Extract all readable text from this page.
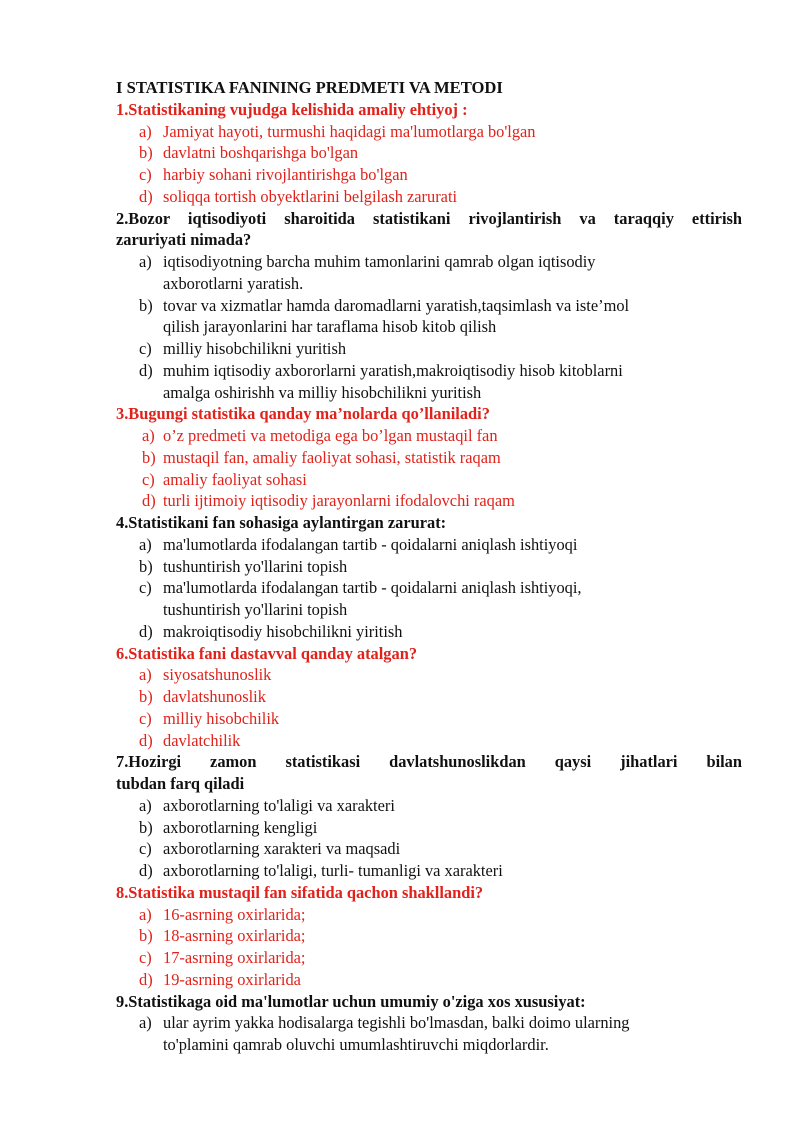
I STATISTIKA FANINING PREDMETI VA METODI
1.Statistikaning vujudga kelishida amaliy ehtiyoj :
a) Jamiyat hayoti, turmushi haqidagi ma'lumotlarga bo'lgan
b) davlatni boshqarishga bo'lgan
c) harbiy sohani rivojlantirishga bo'lgan
d) soliqqa tortish obyektlarini belgilash zarurati
2.Bozor iqtisodiyoti sharoitida statistikani rivojlantirish va taraqqiy ettirish
zaruriyati nimada?
a) iqtisodiyotning barcha muhim tamonlarini qamrab olgan iqtisodiy
axborotlarni yaratish.
b) tovar va xizmatlar hamda daromadlarni yaratish,taqsimlash va iste’mol
qilish jarayonlarini har taraflama hisob kitob qilish
c) milliy hisobchilikni yuritish
d) muhim iqtisodiy axbororlarni yaratish,makroiqtisodiy hisob kitoblarni
amalga oshirishh va milliy hisobchilikni yuritish
3.Bugungi statistika qanday ma’nolarda qo’llaniladi?
a) o’z predmeti va metodiga ega bo’lgan mustaqil fan
b) mustaqil fan, amaliy faoliyat sohasi, statistik raqam
c) amaliy faoliyat sohasi
d) turli ijtimoiy iqtisodiy jarayonlarni ifodalovchi raqam
4.Statistikani fan sohasiga aylantirgan zarurat:
a) ma'lumotlarda ifodalangan tartib - qoidalarni aniqlash ishtiyoqi
b) tushuntirish yo'llarini topish
c) ma'lumotlarda ifodalangan tartib - qoidalarni aniqlash ishtiyoqi,
tushuntirish yo'llarini topish
d) makroiqtisodiy hisobchilikni yiritish
6.Statistika fani dastavval qanday atalgan?
a) siyosatshunoslik
b) davlatshunoslik
c) milliy hisobchilik
d) davlatchilik
7.Hozirgi zamon statistikasi davlatshunoslikdan qaysi jihatlari bilan
tubdan farq qiladi
a) axborotlarning to'laligi va xarakteri
b) axborotlarning kengligi
c) axborotlarning xarakteri va maqsadi
d) axborotlarning to'laligi, turli- tumanligi va xarakteri
8.Statistika mustaqil fan sifatida qachon shakllandi?
a) 16-asrning oxirlarida;
b) 18-asrning oxirlarida;
c) 17-asrning oxirlarida;
d) 19-asrning oxirlarida
9.Statistikaga oid ma'lumotlar uchun umumiy o'ziga xos xususiyat:
a) ular ayrim yakka hodisalarga tegishli bo'lmasdan, balki doimo ularning
to'plamini qamrab oluvchi umumlashtiruvchi miqdorlardir.
